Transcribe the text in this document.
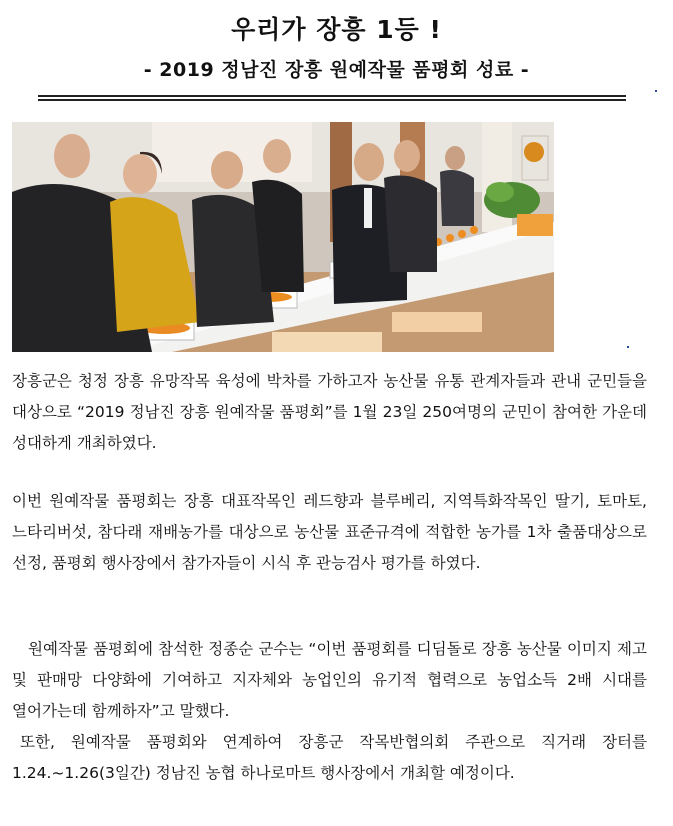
우리가 장흥 1등 !
- 2019 정남진 장흥 원예작물 품평회 성료 -
장흥군은 청정 장흥 유망작목 육성에 박차를 가하고자 농산물 유통 관계자들과 관내 군민들을 대상으로 “2019 정남진 장흥 원예작물 품평회”를 1월 23일 250여명의 군민이 참여한 가운데 성대하게 개최하였다.
이번 원예작물 품평회는 장흥 대표작목인 레드향과 블루베리, 지역특화작목인 딸기, 토마토, 느타리버섯, 참다래 재배농가를 대상으로 농산물 표준규격에 적합한 농가를 1차 출품대상으로 선정, 품평회 행사장에서 참가자들이 시식 후 관능검사 평가를 하였다.
원예작물 품평회에 참석한 정종순 군수는 “이번 품평회를 디딤돌로 장흥 농산물 이미지 제고 및 판매망 다양화에 기여하고 지자체와 농업인의 유기적 협력으로 농업소득 2배 시대를 열어가는데 함께하자”고 말했다.
또한, 원예작물 품평회와 연계하여 장흥군 작목반협의회 주관으로 직거래 장터를 1.24.~1.26(3일간) 정남진 농협 하나로마트 행사장에서 개최할 예정이다.
